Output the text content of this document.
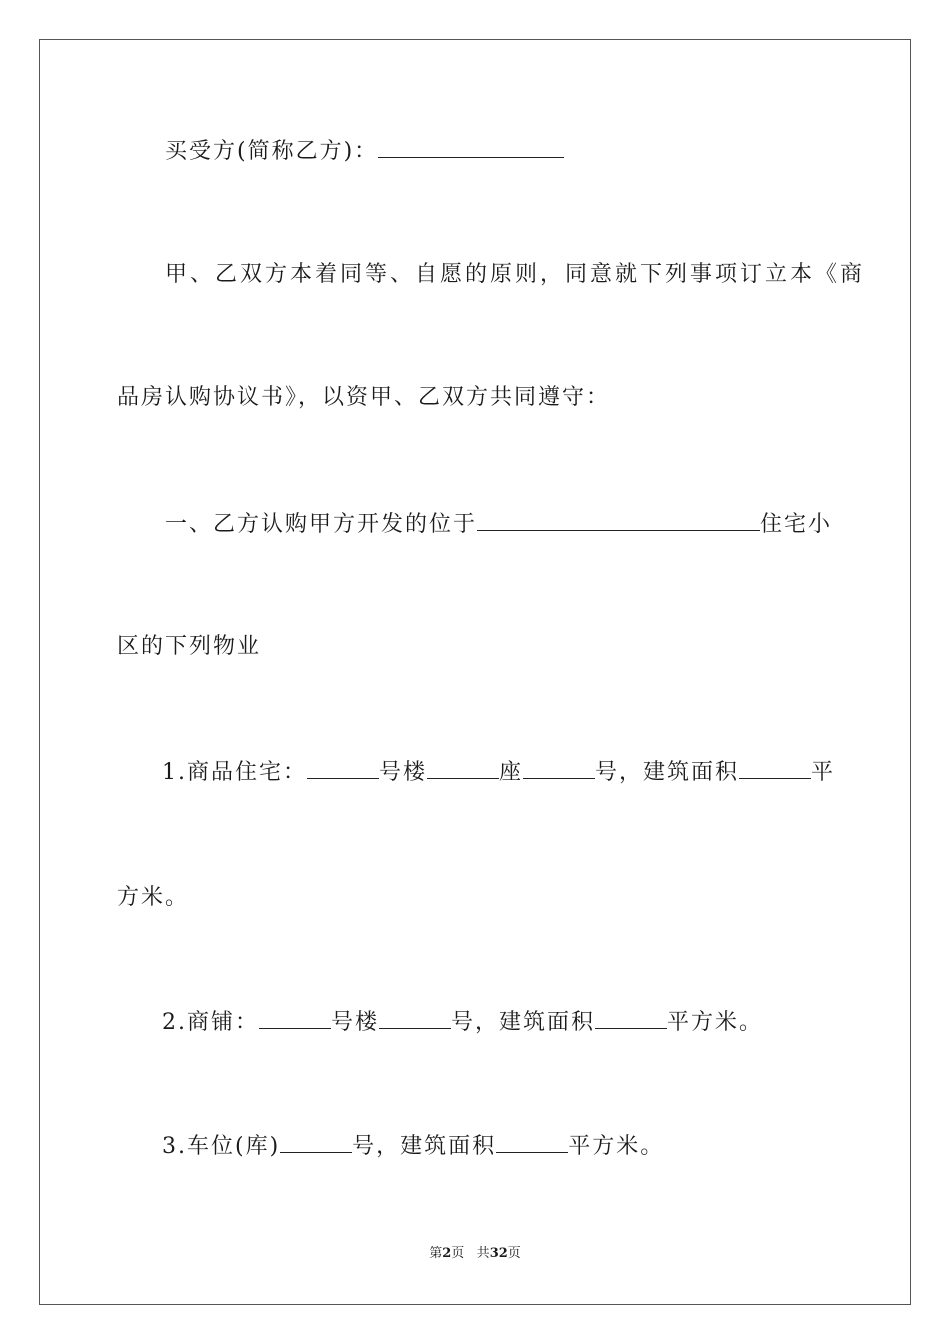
买受方(简称乙方)：
甲、乙双方本着同等、自愿的原则，同意就下列事项订立本《商
品房认购协议书》，以资甲、乙双方共同遵守：
一、乙方认购甲方开发的位于	住宅小
区的下列物业
1.商品住宅：	号楼	座	号，建筑面积	平
方米。
2.商铺：	号楼	号，建筑面积	平方米。
3.车位(库)	号，建筑面积	平方米。
第2页 共32页
